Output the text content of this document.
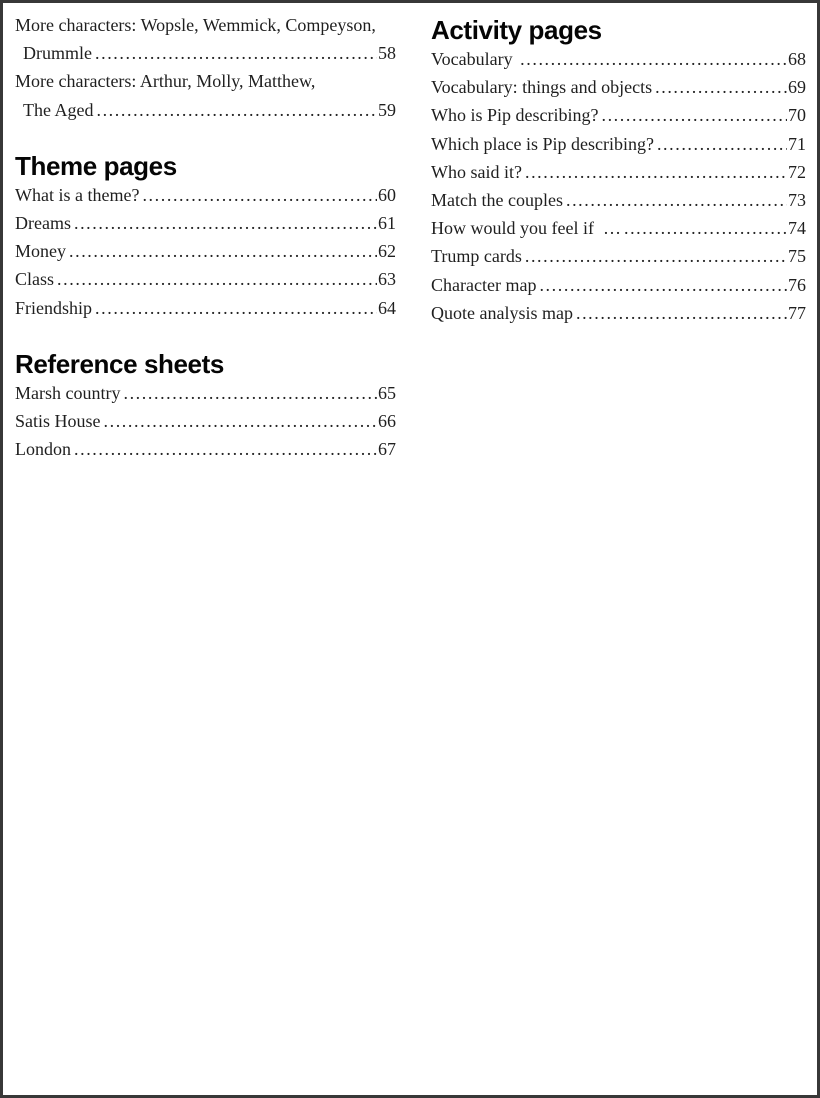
More characters: Wopsle, Wemmick, Compeyson,
Drummle .....	58
More characters: Arthur, Molly, Matthew,
The Aged .....	59
Theme pages
What is a theme? .....	60
Dreams .....	61
Money .....	62
Class .....	63
Friendship .....	64
Reference sheets
Marsh country .....	65
Satis House .....	66
London .....	67
Activity pages
Vocabulary .....	68
Vocabulary: things and objects .....	69
Who is Pip describing? .....	70
Which place is Pip describing? .....	71
Who said it? .....	72
Match the couples .....	73
How would you feel if  … .....	74
Trump cards .....	75
Character map .....	76
Quote analysis map .....	77
